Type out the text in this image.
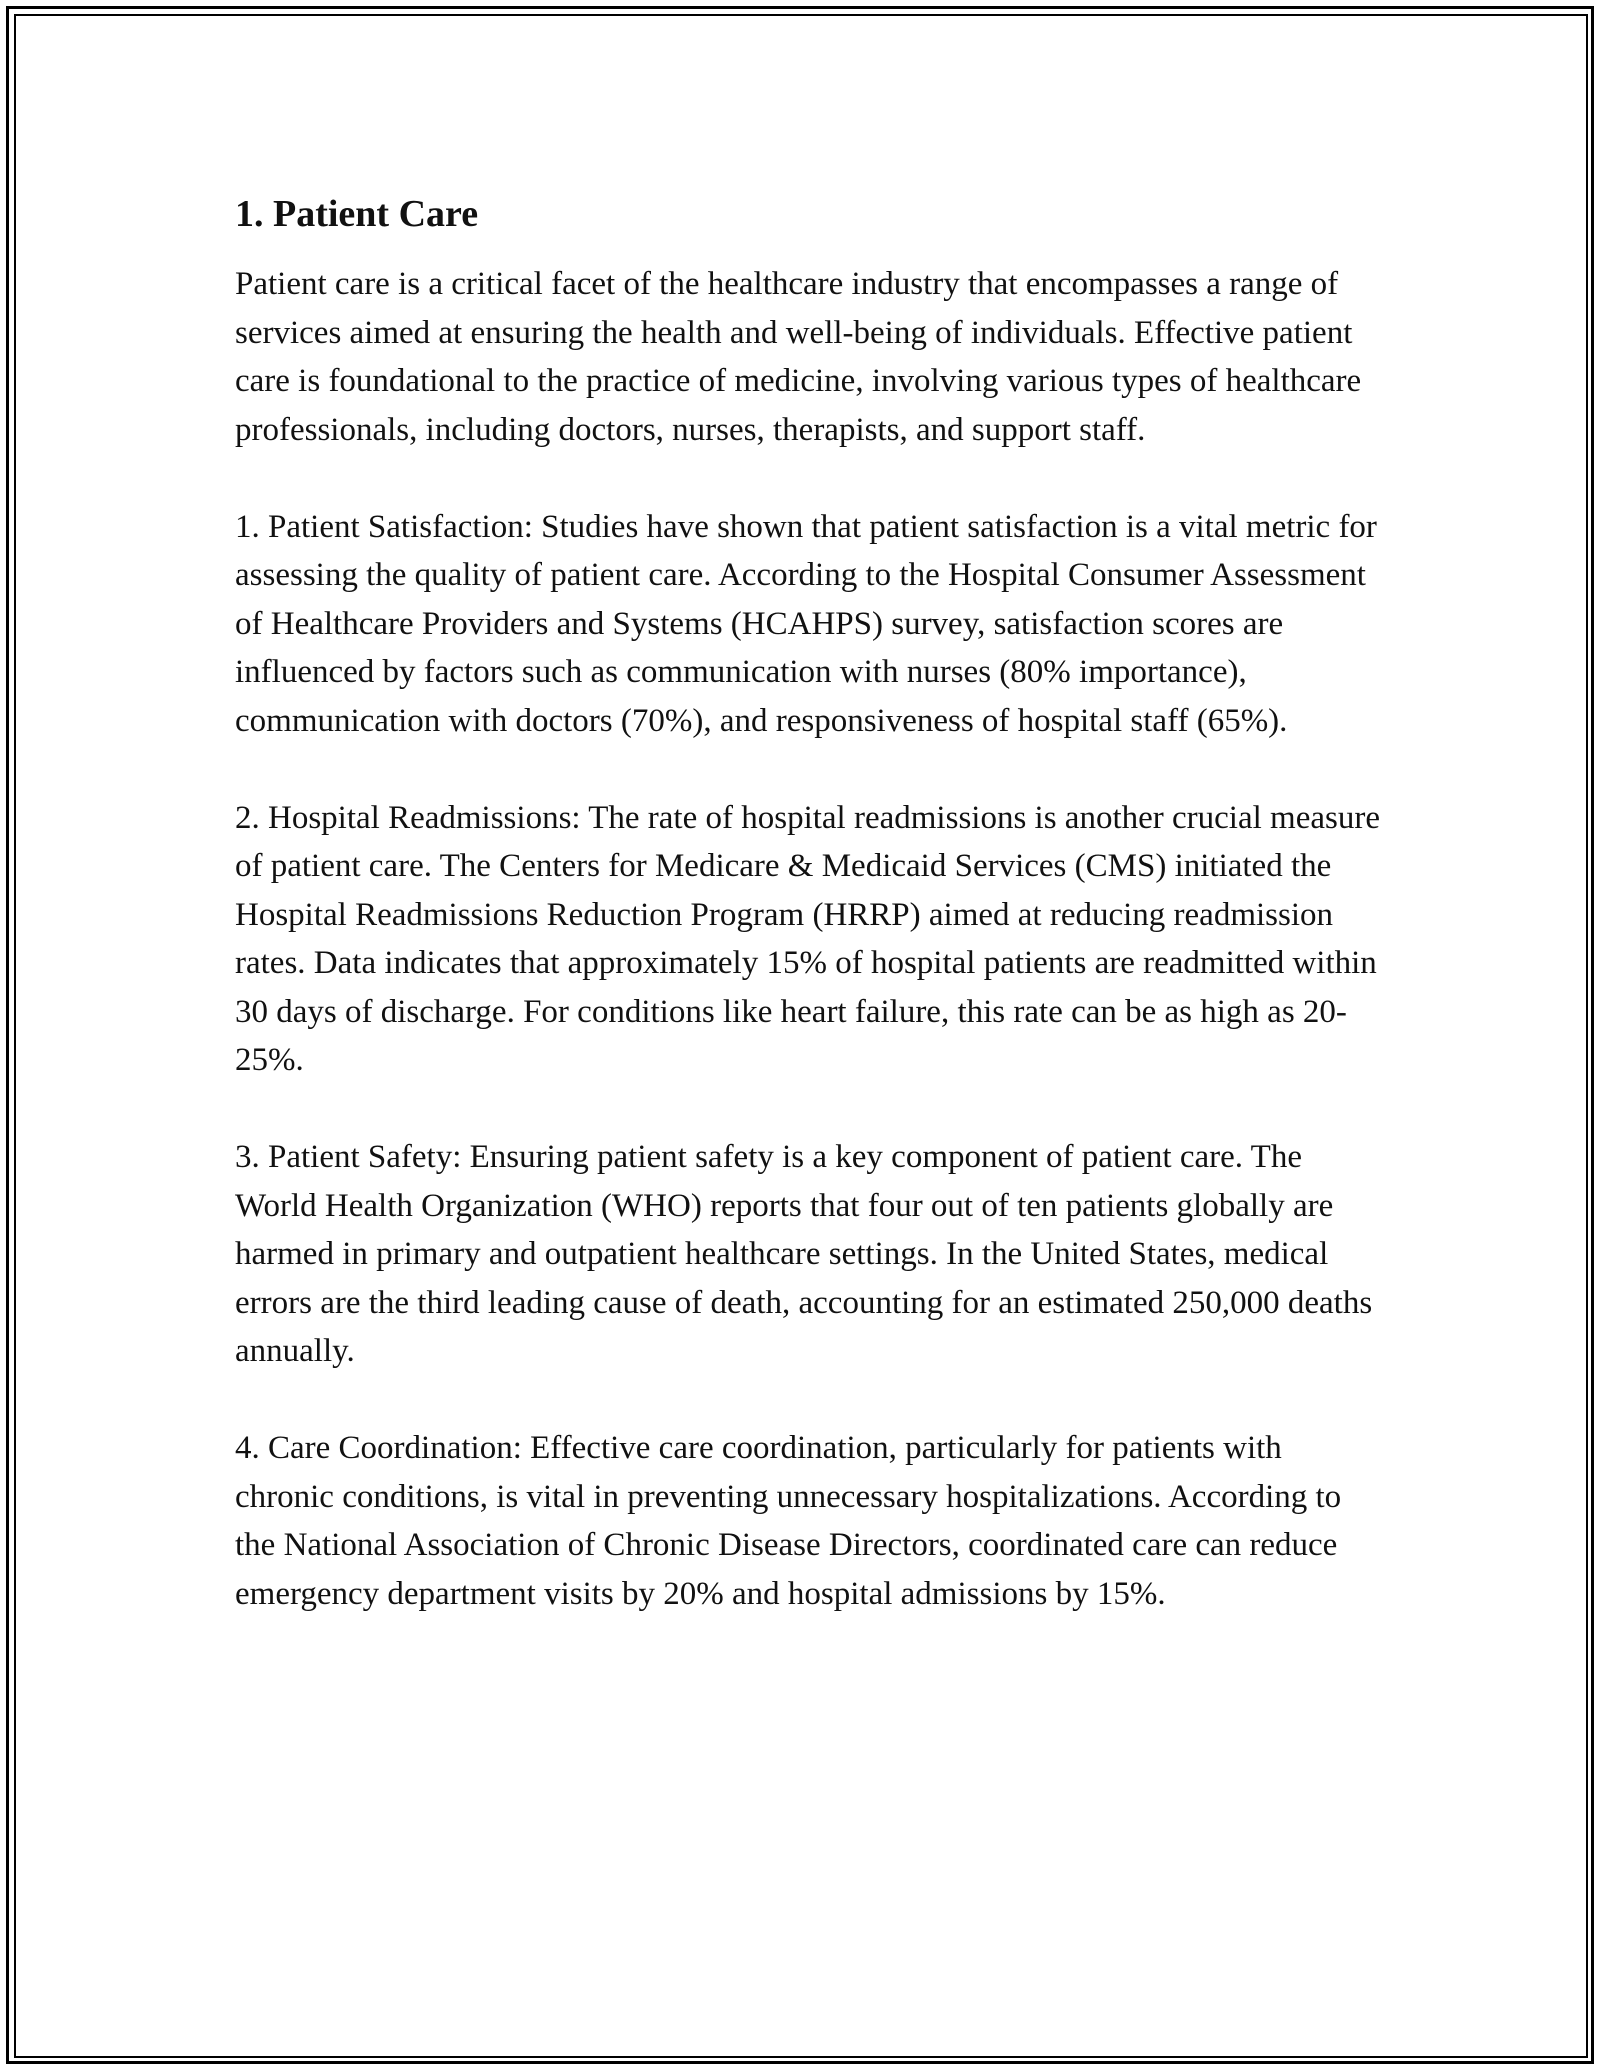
1. Patient Care

Patient care is a critical facet of the healthcare industry that encompasses a range of services aimed at ensuring the health and well-being of individuals. Effective patient care is foundational to the practice of medicine, involving various types of healthcare professionals, including doctors, nurses, therapists, and support staff.

1. Patient Satisfaction: Studies have shown that patient satisfaction is a vital metric for assessing the quality of patient care. According to the Hospital Consumer Assessment of Healthcare Providers and Systems (HCAHPS) survey, satisfaction scores are influenced by factors such as communication with nurses (80% importance), communication with doctors (70%), and responsiveness of hospital staff (65%).

2. Hospital Readmissions: The rate of hospital readmissions is another crucial measure of patient care. The Centers for Medicare & Medicaid Services (CMS) initiated the Hospital Readmissions Reduction Program (HRRP) aimed at reducing readmission rates. Data indicates that approximately 15% of hospital patients are readmitted within 30 days of discharge. For conditions like heart failure, this rate can be as high as 20-25%.

3. Patient Safety: Ensuring patient safety is a key component of patient care. The World Health Organization (WHO) reports that four out of ten patients globally are harmed in primary and outpatient healthcare settings. In the United States, medical errors are the third leading cause of death, accounting for an estimated 250,000 deaths annually.

4. Care Coordination: Effective care coordination, particularly for patients with chronic conditions, is vital in preventing unnecessary hospitalizations. According to the National Association of Chronic Disease Directors, coordinated care can reduce emergency department visits by 20% and hospital admissions by 15%.
